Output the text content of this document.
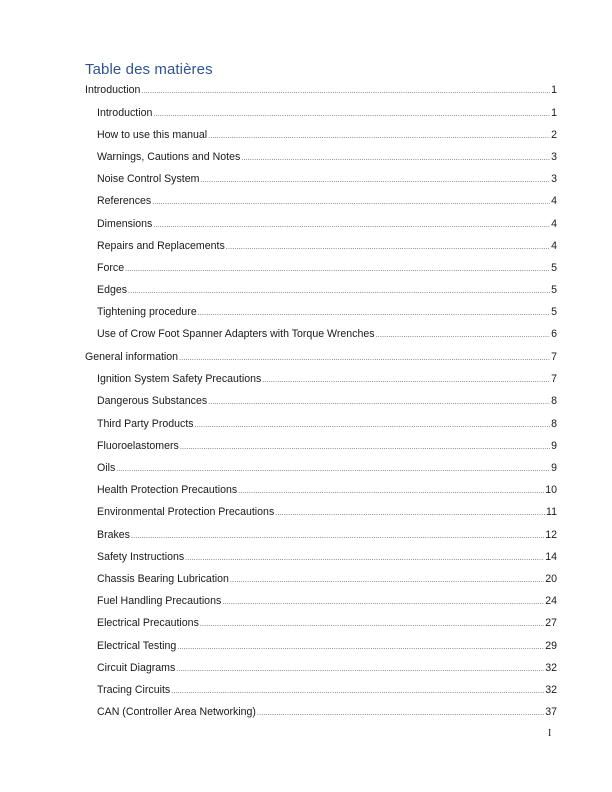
Table des matières
Introduction .....	1
Introduction .....	1
How to use this manual .....	2
Warnings, Cautions and Notes .....	3
Noise Control System .....	3
References .....	4
Dimensions .....	4
Repairs and Replacements .....	4
Force .....	5
Edges .....	5
Tightening procedure .....	5
Use of Crow Foot Spanner Adapters with Torque Wrenches .....	6
General information .....	7
Ignition System Safety Precautions .....	7
Dangerous Substances .....	8
Third Party Products .....	8
Fluoroelastomers .....	9
Oils .....	9
Health Protection Precautions .....	10
Environmental Protection Precautions .....	11
Brakes .....	12
Safety Instructions .....	14
Chassis Bearing Lubrication .....	20
Fuel Handling Precautions .....	24
Electrical Precautions .....	27
Electrical Testing .....	29
Circuit Diagrams .....	32
Tracing Circuits .....	32
CAN (Controller Area Networking) .....	37
I
